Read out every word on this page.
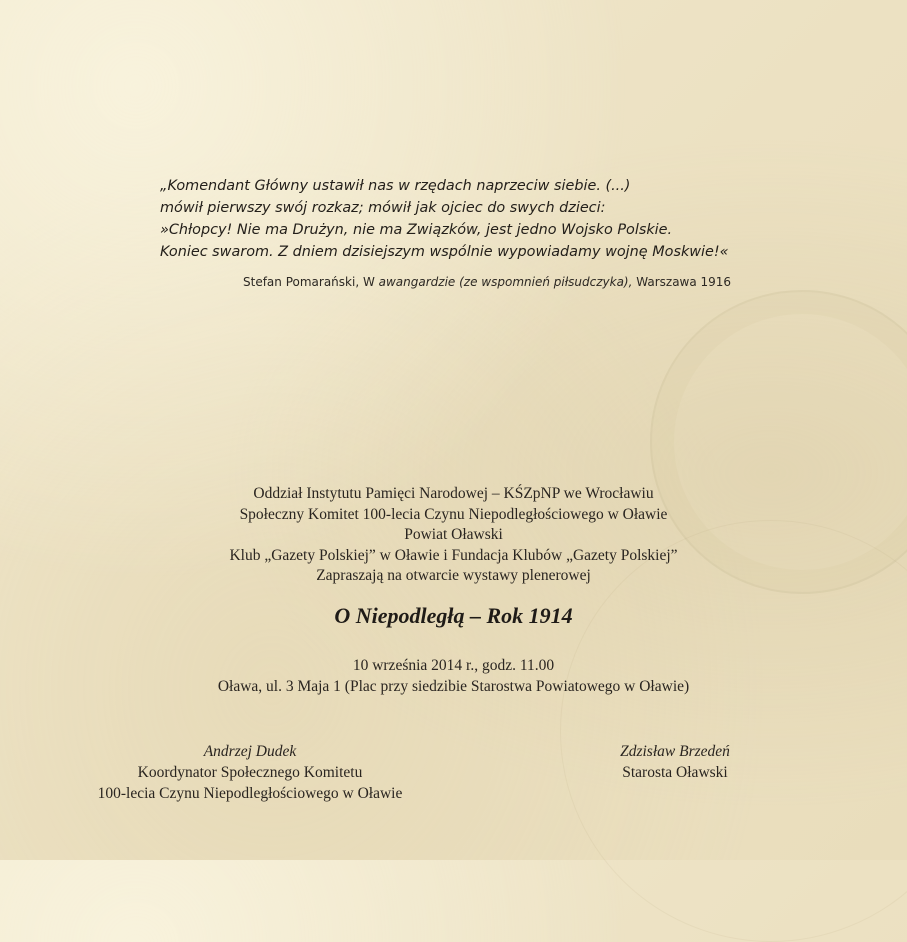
„Komendant Główny ustawił nas w rzędach naprzeciw siebie. (...)
mówił pierwszy swój rozkaz; mówił jak ojciec do swych dzieci:
»Chłopcy! Nie ma Drużyn, nie ma Związków, jest jedno Wojsko Polskie.
Koniec swarom. Z dniem dzisiejszym wspólnie wypowiadamy wojnę Moskwie!«
Stefan Pomarański, W awangardzie (ze wspomnień piłsudczyka), Warszawa 1916
Oddział Instytutu Pamięci Narodowej – KŚZpNP we Wrocławiu
Społeczny Komitet 100-lecia Czynu Niepodległościowego w Oławie
Powiat Oławski
Klub „Gazety Polskiej” w Oławie i Fundacja Klubów „Gazety Polskiej”
Zapraszają na otwarcie wystawy plenerowej
O Niepodległą – Rok 1914
10 września 2014 r., godz. 11.00
Oława, ul. 3 Maja 1 (Plac przy siedzibie Starostwa Powiatowego w Oławie)
Andrzej Dudek
Koordynator Społecznego Komitetu
100-lecia Czynu Niepodległościowego w Oławie
Zdzisław Brzedeń
Starosta Oławski
